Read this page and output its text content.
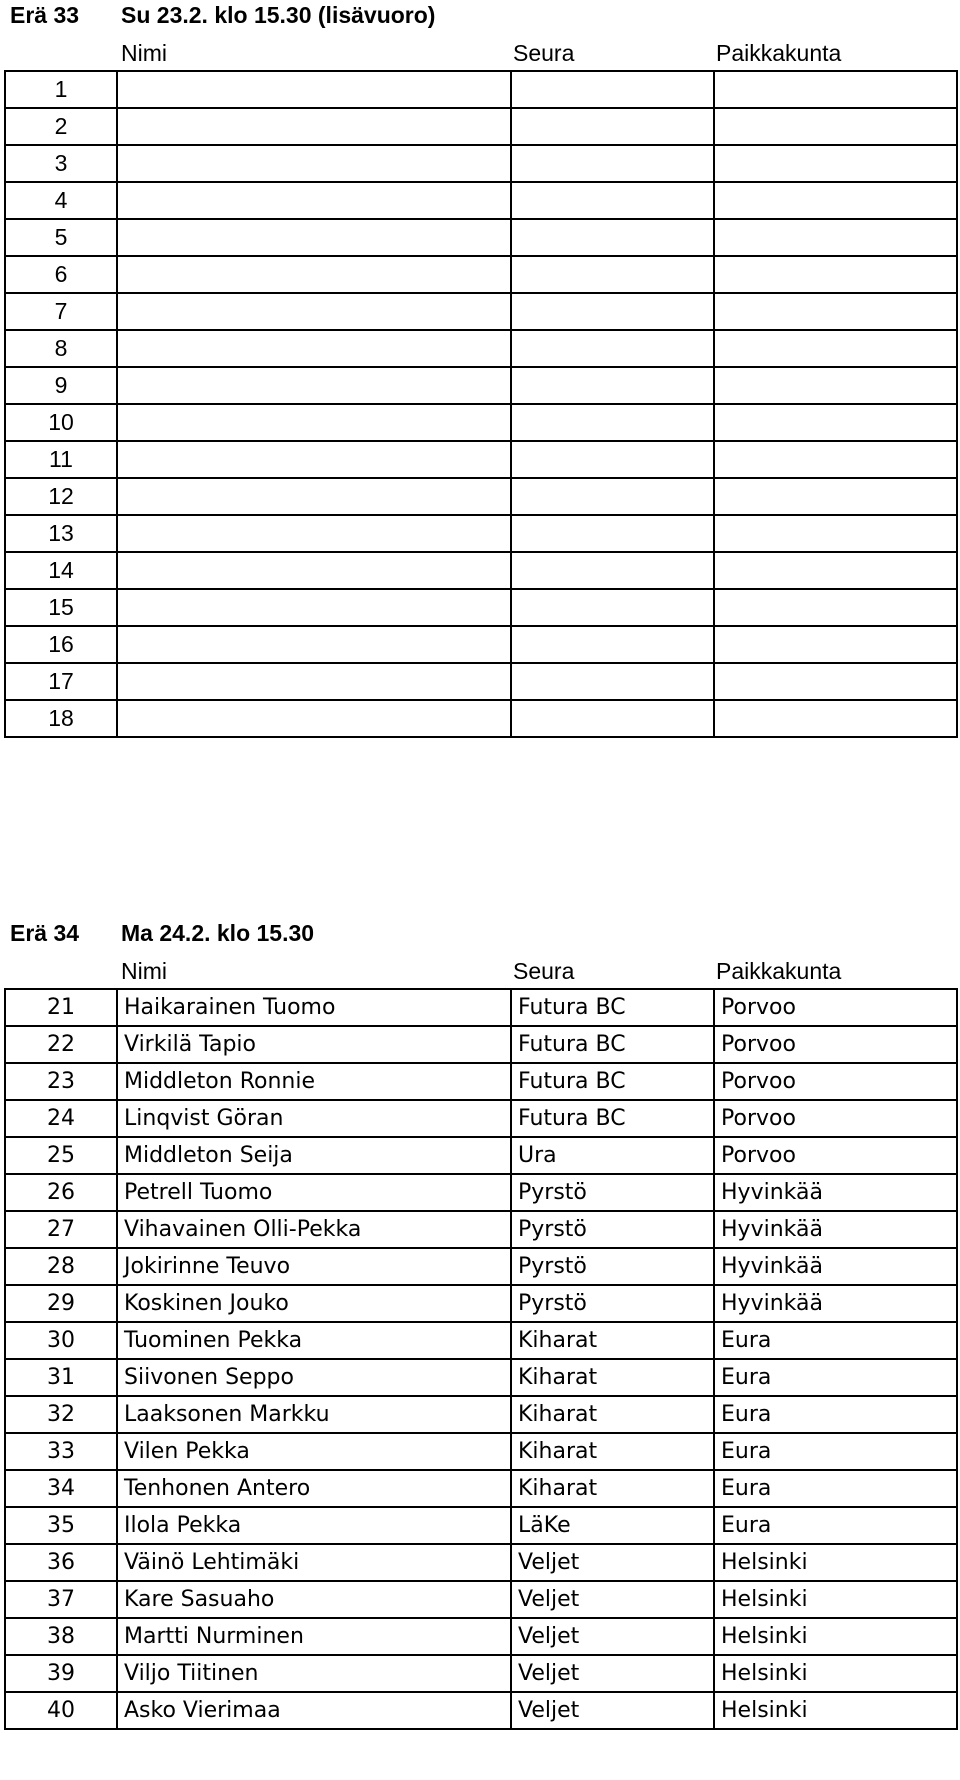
Erä 33 Su 23.2. klo 15.30 (lisävuoro)
Nimi	Seura	Paikkakunta
1			
2			
3			
4			
5			
6			
7			
8			
9			
10			
11			
12			
13			
14			
15			
16			
17			
18			
Erä 34 Ma 24.2. klo 15.30
Nimi	Seura	Paikkakunta
21	Haikarainen Tuomo	Futura BC	Porvoo
22	Virkilä Tapio	Futura BC	Porvoo
23	Middleton Ronnie	Futura BC	Porvoo
24	Linqvist Göran	Futura BC	Porvoo
25	Middleton Seija	Ura	Porvoo
26	Petrell Tuomo	Pyrstö	Hyvinkää
27	Vihavainen Olli-Pekka	Pyrstö	Hyvinkää
28	Jokirinne Teuvo	Pyrstö	Hyvinkää
29	Koskinen Jouko	Pyrstö	Hyvinkää
30	Tuominen Pekka	Kiharat	Eura
31	Siivonen Seppo	Kiharat	Eura
32	Laaksonen Markku	Kiharat	Eura
33	Vilen Pekka	Kiharat	Eura
34	Tenhonen Antero	Kiharat	Eura
35	Ilola Pekka	LäKe	Eura
36	Väinö Lehtimäki	Veljet	Helsinki
37	Kare Sasuaho	Veljet	Helsinki
38	Martti Nurminen	Veljet	Helsinki
39	Viljo Tiitinen	Veljet	Helsinki
40	Asko Vierimaa	Veljet	Helsinki
